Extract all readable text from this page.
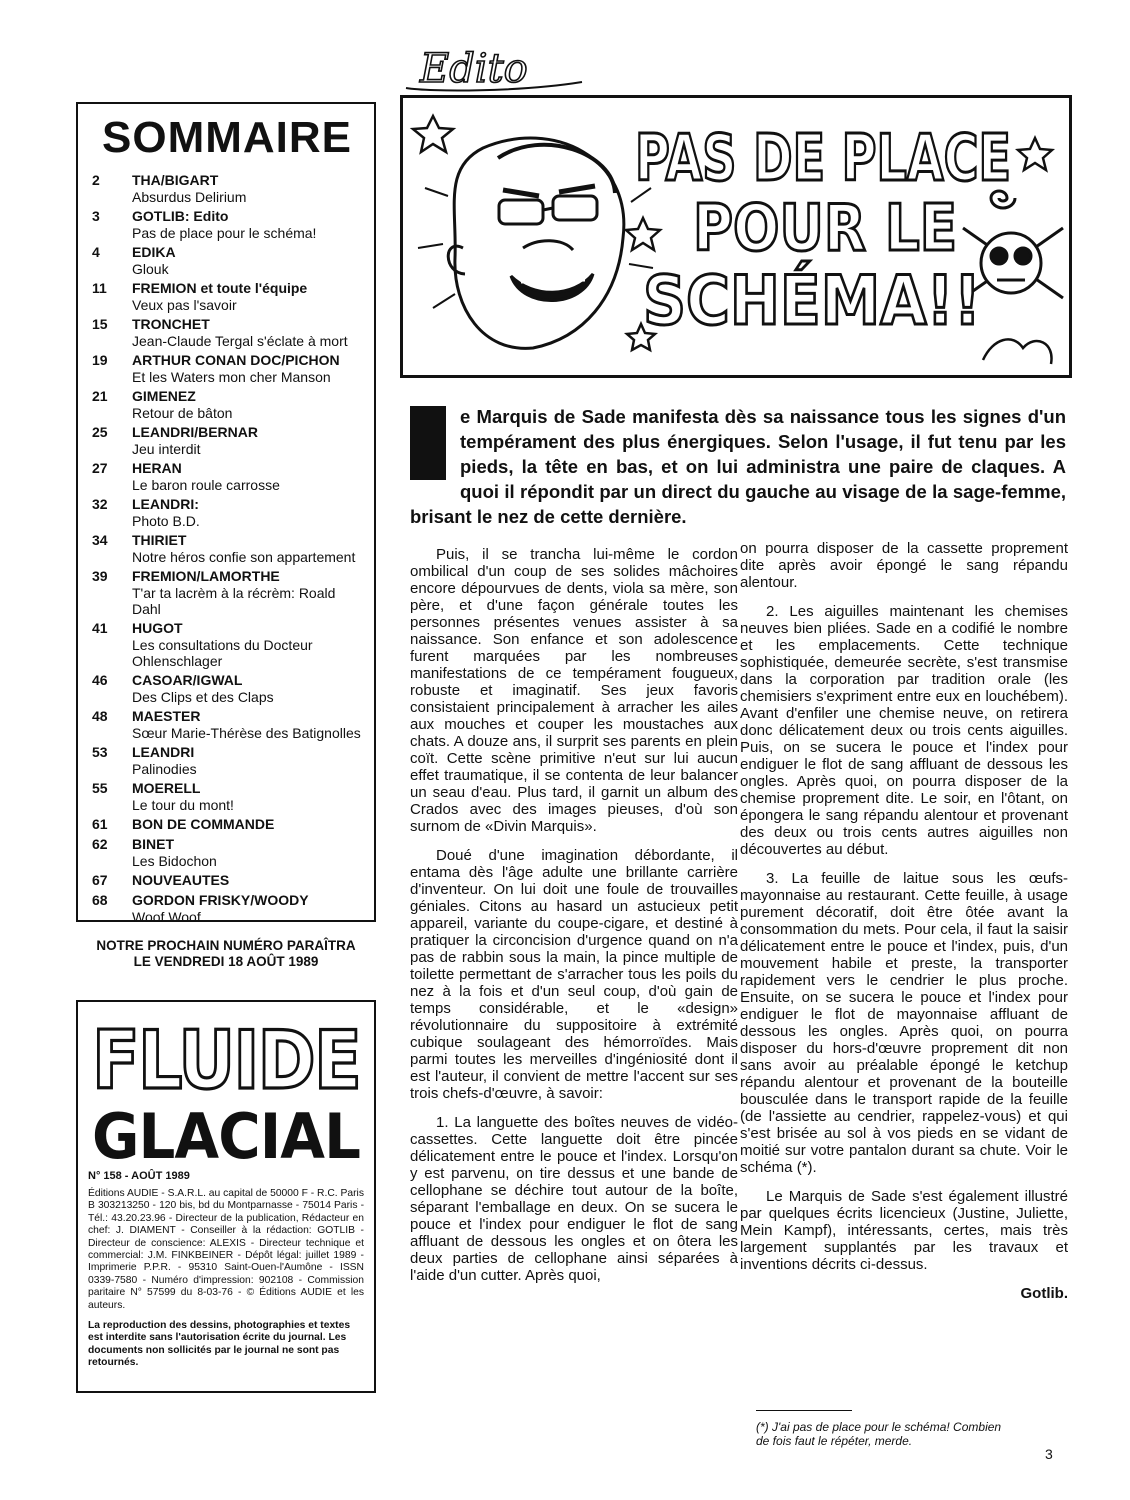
SOMMAIRE
2	THA/BIGART
Absurdus Delirium
3	GOTLIB: Edito
Pas de place pour le schéma!
4	EDIKA
Glouk
11	FREMION et toute l'équipe
Veux pas l'savoir
15	TRONCHET
Jean-Claude Tergal s'éclate à mort
19	ARTHUR CONAN DOC/PICHON
Et les Waters mon cher Manson
21	GIMENEZ
Retour de bâton
25	LEANDRI/BERNAR
Jeu interdit
27	HERAN
Le baron roule carrosse
32	LEANDRI:
Photo B.D.
34	THIRIET
Notre héros confie son appartement
39	FREMION/LAMORTHE
T'ar ta lacrèm à la récrèm: Roald Dahl
41	HUGOT
Les consultations du Docteur Ohlenschlager
46	CASOAR/IGWAL
Des Clips et des Claps
48	MAESTER
Sœur Marie-Thérèse des Batignolles
53	LEANDRI
Palinodies
55	MOERELL
Le tour du mont!
61	BON DE COMMANDE
62	BINET
Les Bidochon
67	NOUVEAUTES
68	GORDON FRISKY/WOODY
Woof Woof
NOTRE PROCHAIN NUMÉRO PARAÎTRA
LE VENDREDI 18 AOÛT 1989
FLUIDE
GLACIAL
N° 158 - AOÛT 1989
Éditions AUDIE - S.A.R.L. au capital de 50000 F - R.C. Paris B 303213250 - 120 bis, bd du Montparnasse - 75014 Paris - Tél.: 43.20.23.96 - Directeur de la publication, Rédacteur en chef: J. DIAMENT - Conseiller à la rédaction: GOTLIB - Directeur de conscience: ALEXIS - Directeur technique et commercial: J.M. FINKBEINER - Dépôt légal: juillet 1989 - Imprimerie P.P.R. - 95310 Saint-Ouen-l'Aumône - ISSN 0339-7580 - Numéro d'impression: 902108 - Commission paritaire N° 57599 du 8-03-76 - © Éditions AUDIE et les auteurs.
La reproduction des dessins, photographies et textes est interdite sans l'autorisation écrite du journal. Les documents non sollicités par le journal ne sont pas retournés.
Edito
PAS DE PLACE
POUR LE
SCHÉMA!!
e Marquis de Sade manifesta dès sa naissance tous les signes d'un tempérament des plus énergiques. Selon l'usage, il fut tenu par les pieds, la tête en bas, et on lui administra une paire de claques. A quoi il répondit par un direct du gauche au visage de la sage-femme, brisant le nez de cette dernière.

Puis, il se trancha lui-même le cordon ombilical d'un coup de ses solides mâchoires encore dépourvues de dents, viola sa mère, son père, et d'une façon générale toutes les personnes présentes venues assister à sa naissance. Son enfance et son adolescence furent marquées par les nombreuses manifestations de ce tempérament fougueux, robuste et imaginatif. Ses jeux favoris consistaient principalement à arracher les ailes aux mouches et couper les moustaches aux chats. A douze ans, il surprit ses parents en plein coït. Cette scène primitive n'eut sur lui aucun effet traumatique, il se contenta de leur balancer un seau d'eau. Plus tard, il garnit un album des Crados avec des images pieuses, d'où son surnom de «Divin Marquis».

Doué d'une imagination débordante, il entama dès l'âge adulte une brillante carrière d'inventeur. On lui doit une foule de trouvailles géniales. Citons au hasard un astucieux petit appareil, variante du coupe-cigare, et destiné à pratiquer la circoncision d'urgence quand on n'a pas de rabbin sous la main, la pince multiple de toilette permettant de s'arracher tous les poils du nez à la fois et d'un seul coup, d'où gain de temps considérable, et le «design» révolutionnaire du suppositoire à extrémité cubique soulageant des hémorroïdes. Mais parmi toutes les merveilles d'ingéniosité dont il est l'auteur, il convient de mettre l'accent sur ses trois chefs-d'œuvre, à savoir:

1. La languette des boîtes neuves de vidéo-cassettes. Cette languette doit être pincée délicatement entre le pouce et l'index. Lorsqu'on y est parvenu, on tire dessus et une bande de cellophane se déchire tout autour de la boîte, séparant l'emballage en deux. On se sucera le pouce et l'index pour endiguer le flot de sang affluant de dessous les ongles et on ôtera les deux parties de cellophane ainsi séparées à l'aide d'un cutter. Après quoi,

on pourra disposer de la cassette proprement dite après avoir épongé le sang répandu alentour.

2. Les aiguilles maintenant les chemises neuves bien pliées. Sade en a codifié le nombre et les emplacements. Cette technique sophistiquée, demeurée secrète, s'est transmise dans la corporation par tradition orale (les chemisiers s'expriment entre eux en louchébem). Avant d'enfiler une chemise neuve, on retirera donc délicatement deux ou trois cents aiguilles. Puis, on se sucera le pouce et l'index pour endiguer le flot de sang affluant de dessous les ongles. Après quoi, on pourra disposer de la chemise proprement dite. Le soir, en l'ôtant, on épongera le sang répandu alentour et provenant des deux ou trois cents autres aiguilles non découvertes au début.

3. La feuille de laitue sous les œufs-mayonnaise au restaurant. Cette feuille, à usage purement décoratif, doit être ôtée avant la consommation du mets. Pour cela, il faut la saisir délicatement entre le pouce et l'index, puis, d'un mouvement habile et preste, la transporter rapidement vers le cendrier le plus proche. Ensuite, on se sucera le pouce et l'index pour endiguer le flot de mayonnaise affluant de dessous les ongles. Après quoi, on pourra disposer du hors-d'œuvre proprement dit non sans avoir au préalable épongé le ketchup répandu alentour et provenant de la bouteille bousculée dans le transport rapide de la feuille (de l'assiette au cendrier, rappelez-vous) et qui s'est brisée au sol à vos pieds en se vidant de moitié sur votre pantalon durant sa chute. Voir le schéma (*).

Le Marquis de Sade s'est également illustré par quelques écrits licencieux (Justine, Juliette, Mein Kampf), intéressants, certes, mais très largement supplantés par les travaux et inventions décrits ci-dessus.

Gotlib.
(*) J'ai pas de place pour le schéma! Combien de fois faut le répéter, merde.
3
